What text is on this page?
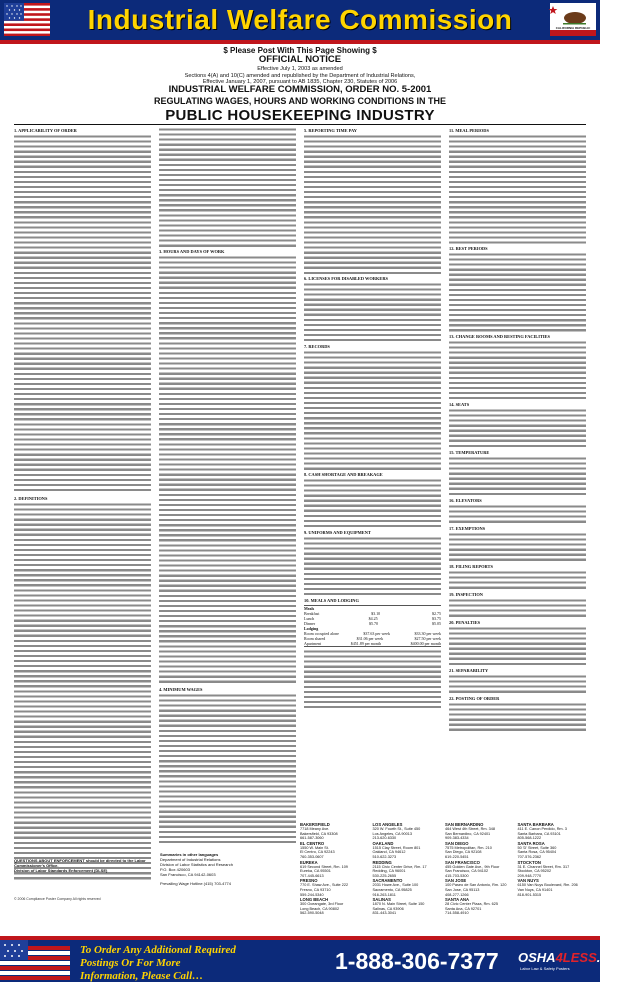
Industrial Welfare Commission	CALIFORNIA REPUBLIC
$ Please Post With This Page Showing $
OFFICIAL NOTICE
Effective July 1, 2003 as amended
Sections 4(A) and 10(C) amended and republished by the Department of Industrial Relations,
Effective January 1, 2007, pursuant to AB 1835, Chapter 230, Statutes of 2006
INDUSTRIAL WELFARE COMMISSION, ORDER NO. 5-2001
REGULATING WAGES, HOURS AND WORKING CONDITIONS IN THE
PUBLIC HOUSEKEEPING INDUSTRY
1. APPLICABILITY OF ORDER
2. DEFINITIONS
3. HOURS AND DAYS OF WORK
4. MINIMUM WAGES
5. REPORTING TIME PAY
6. LICENSES FOR DISABLED WORKERS
7. RECORDS
8. CASH SHORTAGE AND BREAKAGE
9. UNIFORMS AND EQUIPMENT
10. MEALS AND LODGING
Meals
Breakfast	$3.10	$2.75
Lunch	$4.25	$3.75
Dinner	$5.70	$5.05
Lodging
Room occupied alone	$37.63 per week	$33.30 per week
Room shared	$31.06 per week	$27.50 per week
Apartment	$451.89 per month	$400.00 per month
11. MEAL PERIODS
12. REST PERIODS
13. CHANGE ROOMS AND RESTING FACILITIES
14. SEATS
15. TEMPERATURE
16. ELEVATORS
17. EXEMPTIONS
18. FILING REPORTS
19. INSPECTION
20. PENALTIES
21. SEPARABILITY
22. POSTING OF ORDER
QUESTIONS ABOUT ENFORCEMENT should be directed to the Labor Commissioner's Office.
Division of Labor Standards Enforcement (DLSE)
Summaries in other languages
Department of Industrial Relations
Division of Labor Statistics and Research
P.O. Box 420603
San Francisco, CA 94142-0603
Prevailing Wage Hotline (415) 703-4774
BAKERSFIELD
7718 Meany Ave.
Bakersfield, CA 93308
661-587-3060
EL CENTRO
1550 W. Main St.
El Centro, CA 92243
760-353-0607
EUREKA
619 Second Street, Rm. 109
Eureka, CA 95501
707-445-6613
FRESNO
770 E. Shaw Ave., Suite 222
Fresno, CA 93710
559-244-5340
LONG BEACH
300 Oceangate, 3rd Floor
Long Beach, CA 90802
562-590-5048
LOS ANGELES
320 W. Fourth St., Suite 450
Los Angeles, CA 90013
213-620-6330
OAKLAND
1515 Clay Street, Room 801
Oakland, CA 94612
510-622-3273
REDDING
2115 Civic Center Drive, Rm. 17
Redding, CA 96001
530-225-2655
SACRAMENTO
2031 Howe Ave., Suite 100
Sacramento, CA 95825
916-263-1811
SALINAS
1870 N. Main Street, Suite 150
Salinas, CA 93906
831-443-3041
SAN BERNARDINO
464 West 4th Street, Rm. 348
San Bernardino, CA 92401
909-383-4334
SAN DIEGO
7575 Metropolitan, Rm. 210
San Diego, CA 92108
619-220-5451
SAN FRANCISCO
455 Golden Gate Ave., 9th Floor
San Francisco, CA 94102
415-703-5300
SAN JOSE
100 Paseo de San Antonio, Rm. 120
San Jose, CA 95113
408-277-1266
SANTA ANA
28 Civic Center Plaza, Rm. 625
Santa Ana, CA 92701
714-558-4910
SANTA BARBARA
411 E. Canon Perdido, Rm. 3
Santa Barbara, CA 93101
805-568-1222
SANTA ROSA
50 'D' Street, Suite 360
Santa Rosa, CA 95404
707-576-2362
STOCKTON
31 E. Channel Street, Rm. 317
Stockton, CA 95202
209-948-7770
VAN NUYS
6150 Van Nuys Boulevard, Rm. 206
Van Nuys, CA 91401
818-901-5315
© 2006 Compliance Poster Company All rights reserved
To Order Any Additional Required
Postings Or For More
Information, Please Call…
1-888-306-7377 OSHA4LESS.com
Labor Law & Safety Posters
